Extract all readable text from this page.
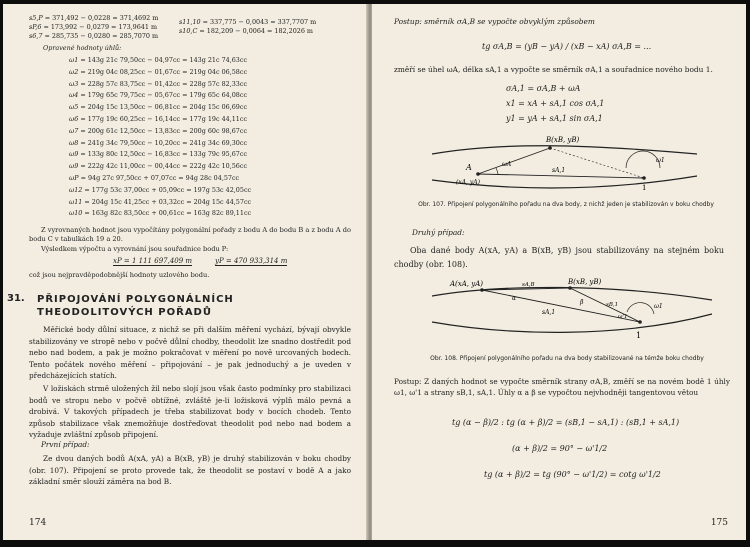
s5,P = 371,492 − 0,0228 = 371,4692 m
sP,6 = 173,992 − 0,0279 = 173,9641 m
s6,7 = 285,735 − 0,0280 = 285,7070 m
s11,10 = 337,775 − 0,0043 = 337,7707 m
s10,C = 182,209 − 0,0064 = 182,2026 m
Opravené hodnoty úhlů:
Z vyrovnaných hodnot jsou vypočítány polygonální pořady z bodu A do bodu B a z bodu A do bodu C v tabulkách 19 a 20.
Výsledkem výpočtu a vyrovnání jsou souřadnice bodu P:
xP = 1 111 697,409 m	yP = 470 933,314 m
což jsou nejpravděpodobnější hodnoty uzlového bodu.
31. PŘIPOJOVÁNÍ POLYGONÁLNÍCH
THEODOLITOVÝCH POŘADŮ
Měřické body důlní situace, z nichž se při dalším měření vychází, bývají obvykle stabilizovány ve stropě nebo v počvě důlní chodby, theodolit lze snadno dostředit pod nebo nad bodem, a pak je možno pokračovat v měření po nově urcovaných bodech. Tento počátek nového měření – připojování – je pak jednoduchý a je uveden v předcházejících statích.
V ložiskách strmě uložených žil nebo slojí jsou však často podmínky pro stabilizaci bodů ve stropu nebo v počvě obtížné, zvláště je-li ložisková výplň málo pevná a drobivá. V takových případech je třeba stabilizovat body v bocích chodeb. Tento způsob stabilizace však znemožňuje dostřeďovat theodolit pod nebo nad bodem a vyžaduje zvláštní způsob připojení.
První případ:
Ze dvou daných bodů A(xA, yA) a B(xB, yB) je druhý stabilizován v boku chodby (obr. 107). Připojení se proto provede tak, že theodolit se postaví v bodě A a jako základní směr slouží záměra na bod B.
174
ω1 = 143g 21c 79,50cc − 04,97cc = 143g 21c 74,63cc
ω2 = 219g 04c 08,25cc − 01,67cc = 219g 04c 06,58cc
ω3 = 228g 57c 83,75cc − 01,42cc = 228g 57c 82,33cc
ω4 = 179g 65c 79,75cc − 05,67cc = 179g 65c 64,08cc
ω5 = 204g 15c 13,50cc − 06,81cc = 204g 15c 06,69cc
ω6 = 177g 19c 60,25cc − 16,14cc = 177g 19c 44,11cc
ω7 = 200g 61c 12,50cc − 13,83cc = 200g 60c 98,67cc
ω8 = 241g 34c 79,50cc − 10,20cc = 241g 34c 69,30cc
ω9 = 133g 80c 12,50cc − 16,83cc = 133g 79c 95,67cc
ω9 = 222g 42c 11,00cc − 00,44cc = 222g 42c 10,56cc
ωP = 94g 27c 97,50cc + 07,07cc = 94g 28c 04,57cc
ω12 = 177g 53c 37,00cc + 05,09cc = 197g 53c 42,05cc
ω11 = 204g 15c 41,25cc + 03,32cc = 204g 15c 44,57cc
ω10 = 163g 82c 83,50cc + 00,61cc = 163g 82c 89,11cc
Postup: směrník σA,B se vypočte obvyklým způsobem
tg σA,B = (yB − yA) / (xB − xA) σA,B = ...
změří se úhel ωA, délka sA,1 a vypočte se směrník σA,1 a souřadnice nového bodu 1.
σA,1 = σA,B + ωA
x1 = xA + sA,1 cos σA,1
y1 = yA + sA,1 sin σA,1
A
(xA, yA)
B(xB, yB)
sA,1
ωA
ω1
1
Obr. 107. Připojení polygonálního pořadu na dva body, z nichž jeden je stabilizován v boku chodby
Druhý případ:
Oba dané body A(xA, yA) a B(xB, yB) jsou stabilizovány na stejném boku chodby (obr. 108).
A(xA, yA)	B(xB, yB)
α
β	sB,1
sA,1
sA,B
ω1
ω'1
1
Obr. 108. Připojení polygonálního pořadu na dva body stabilizované na témže boku chodby
Postup: Z daných hodnot se vypočte směrník strany σA,B, změří se na novém bodě 1 úhly ω1, ω'1 a strany sB,1, sA,1. Úhly α a β se vypočtou nejvhodněji tangentovou větou
tg (α − β)/2 : tg (α + β)/2 = (sB,1 − sA,1) : (sB,1 + sA,1)
(α + β)/2 = 90° − ω'1/2
tg (α + β)/2 = tg (90° − ω'1/2) = cotg ω'1/2
175
